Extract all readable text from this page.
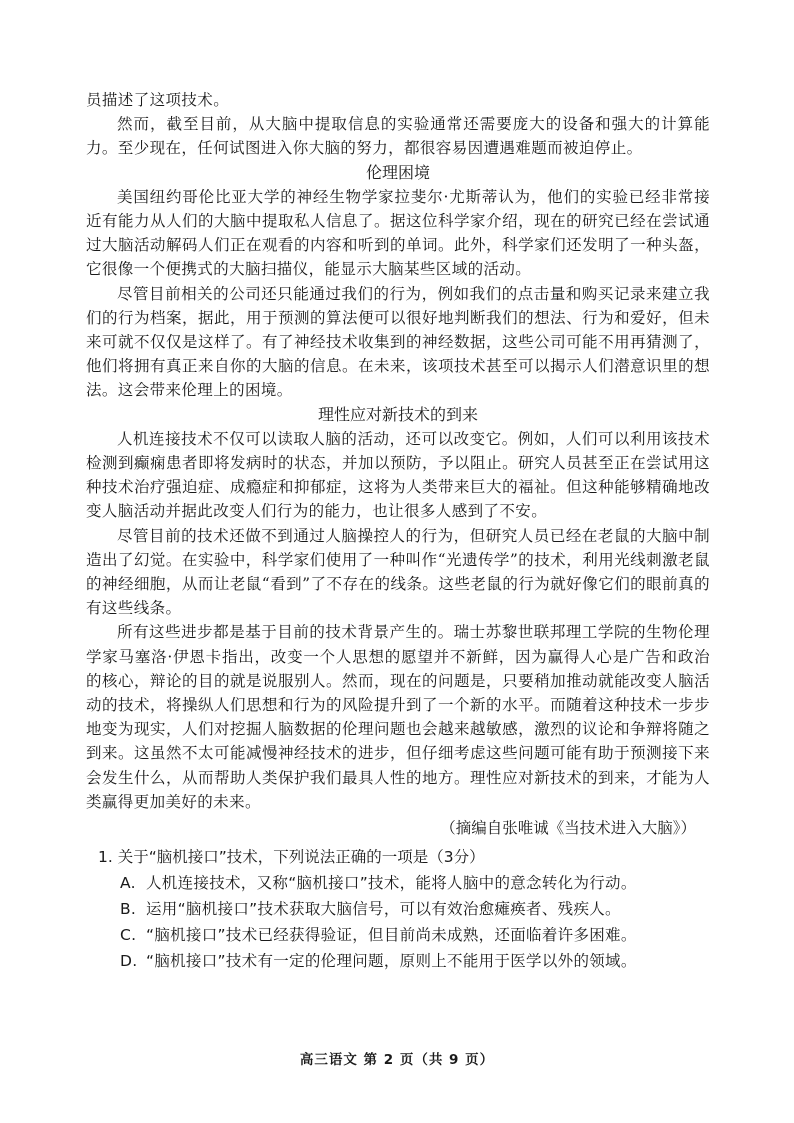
员描述了这项技术。

然而，截至目前，从大脑中提取信息的实验通常还需要庞大的设备和强大的计算能力。至少现在，任何试图进入你大脑的努力，都很容易因遭遇难题而被迫停止。

伦理困境

美国纽约哥伦比亚大学的神经生物学家拉斐尔·尤斯蒂认为，他们的实验已经非常接近有能力从人们的大脑中提取私人信息了。据这位科学家介绍，现在的研究已经在尝试通过大脑活动解码人们正在观看的内容和听到的单词。此外，科学家们还发明了一种头盔，它很像一个便携式的大脑扫描仪，能显示大脑某些区域的活动。

尽管目前相关的公司还只能通过我们的行为，例如我们的点击量和购买记录来建立我们的行为档案，据此，用于预测的算法便可以很好地判断我们的想法、行为和爱好，但未来可就不仅仅是这样了。有了神经技术收集到的神经数据，这些公司可能不用再猜测了，他们将拥有真正来自你的大脑的信息。在未来，该项技术甚至可以揭示人们潜意识里的想法。这会带来伦理上的困境。

理性应对新技术的到来

人机连接技术不仅可以读取人脑的活动，还可以改变它。例如，人们可以利用该技术检测到癫痫患者即将发病时的状态，并加以预防，予以阻止。研究人员甚至正在尝试用这种技术治疗强迫症、成瘾症和抑郁症，这将为人类带来巨大的福祉。但这种能够精确地改变人脑活动并据此改变人们行为的能力，也让很多人感到了不安。

尽管目前的技术还做不到通过人脑操控人的行为，但研究人员已经在老鼠的大脑中制造出了幻觉。在实验中，科学家们使用了一种叫作“光遗传学”的技术，利用光线刺激老鼠的神经细胞，从而让老鼠“看到”了不存在的线条。这些老鼠的行为就好像它们的眼前真的有这些线条。

所有这些进步都是基于目前的技术背景产生的。瑞士苏黎世联邦理工学院的生物伦理学家马塞洛·伊恩卡指出，改变一个人思想的愿望并不新鲜，因为赢得人心是广告和政治的核心，辩论的目的就是说服别人。然而，现在的问题是，只要稍加推动就能改变人脑活动的技术，将操纵人们思想和行为的风险提升到了一个新的水平。而随着这种技术一步步地变为现实，人们对挖掘人脑数据的伦理问题也会越来越敏感，激烈的议论和争辩将随之到来。这虽然不太可能减慢神经技术的进步，但仔细考虑这些问题可能有助于预测接下来会发生什么，从而帮助人类保护我们最具人性的地方。理性应对新技术的到来，才能为人类赢得更加美好的未来。

（摘编自张唯诚《当技术进入大脑》）

1. 关于“脑机接口”技术，下列说法正确的一项是（3分）

A. 人机连接技术，又称“脑机接口”技术，能将人脑中的意念转化为行动。

B. 运用“脑机接口”技术获取大脑信号，可以有效治愈瘫痪者、残疾人。

C. “脑机接口”技术已经获得验证，但目前尚未成熟，还面临着许多困难。

D. “脑机接口”技术有一定的伦理问题，原则上不能用于医学以外的领域。

高三语文 第 2 页（共 9 页）
